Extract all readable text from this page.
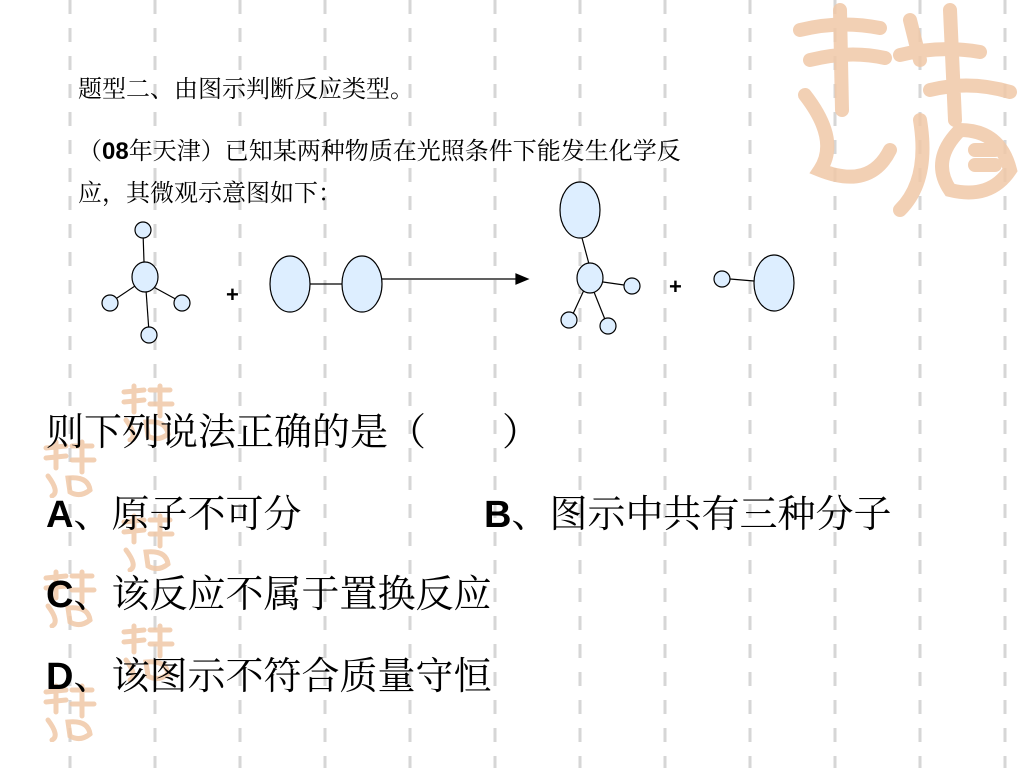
题型二、由图示判断反应类型。
（08年天津）已知某两种物质在光照条件下能发生化学反
应，其微观示意图如下：
+	+
则下列说法正确的是（　　）
A、原子不可分	B、图示中共有三种分子
C、该反应不属于置换反应
D、该图示不符合质量守恒
